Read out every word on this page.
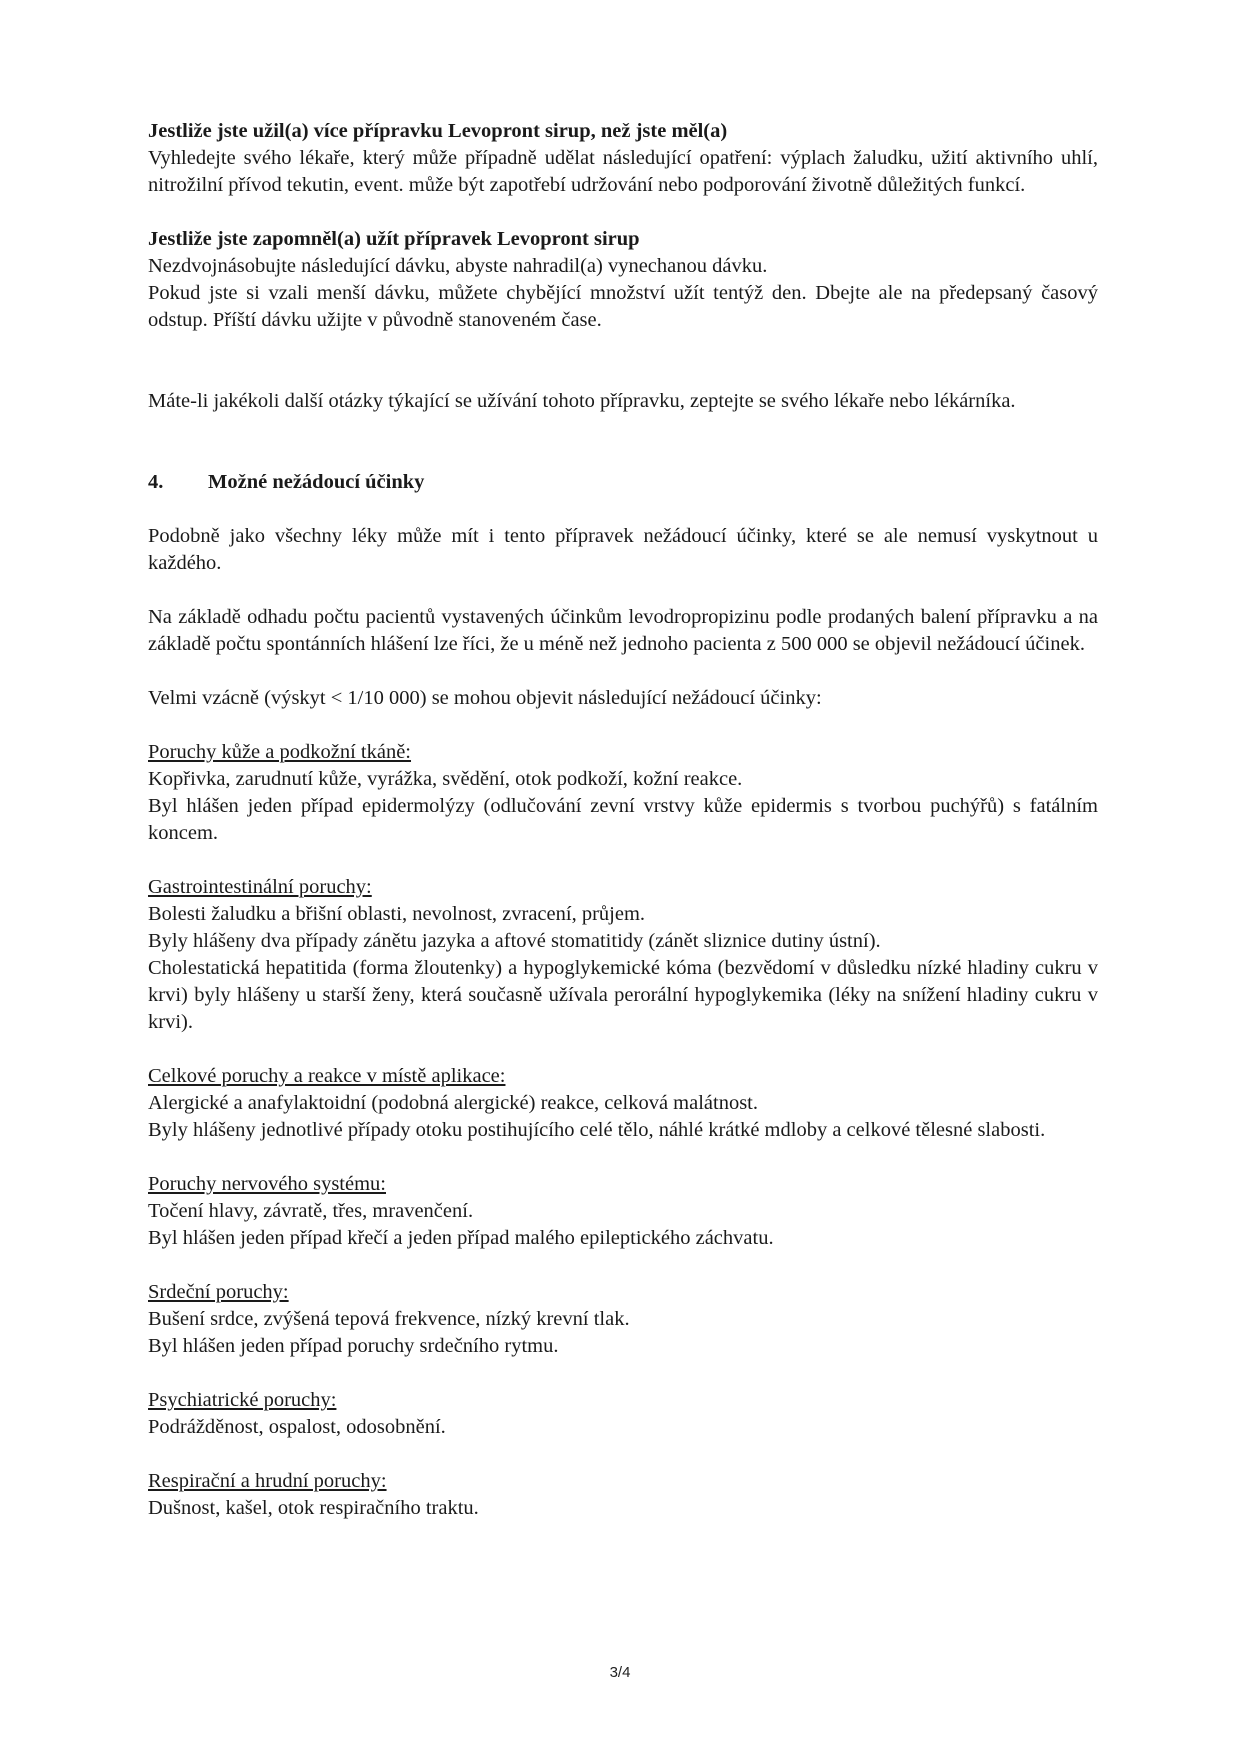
Jestliže jste užil(a) více přípravku Levopront sirup, než jste měl(a)

Vyhledejte svého lékaře, který může případně udělat následující opatření: výplach žaludku, užití aktivního uhlí, nitrožilní přívod tekutin, event. může být zapotřebí udržování nebo podporování životně důležitých funkcí.

Jestliže jste zapomněl(a) užít přípravek Levopront sirup

Nezdvojnásobujte následující dávku, abyste nahradil(a) vynechanou dávku.

Pokud jste si vzali menší dávku, můžete chybějící množství užít tentýž den. Dbejte ale na předepsaný časový odstup. Příští dávku užijte v původně stanoveném čase.

Máte-li jakékoli další otázky týkající se užívání tohoto přípravku, zeptejte se svého lékaře nebo lékárníka.

4.	Možné nežádoucí účinky

Podobně jako všechny léky může mít i tento přípravek nežádoucí účinky, které se ale nemusí vyskytnout u každého.

Na základě odhadu počtu pacientů vystavených účinkům levodropropizinu podle prodaných balení přípravku a na základě počtu spontánních hlášení lze říci, že u méně než jednoho pacienta z 500 000 se objevil nežádoucí účinek.

Velmi vzácně (výskyt < 1/10 000) se mohou objevit následující nežádoucí účinky:

Poruchy kůže a podkožní tkáně:

Kopřivka, zarudnutí kůže, vyrážka, svědění, otok podkoží, kožní reakce.

Byl hlášen jeden případ epidermolýzy (odlučování zevní vrstvy kůže epidermis s tvorbou puchýřů) s fatálním koncem.

Gastrointestinální poruchy:

Bolesti žaludku a břišní oblasti, nevolnost, zvracení, průjem.

Byly hlášeny dva případy zánětu jazyka a aftové stomatitidy (zánět sliznice dutiny ústní).

Cholestatická hepatitida (forma žloutenky) a hypoglykemické kóma (bezvědomí v důsledku nízké hladiny cukru v krvi) byly hlášeny u starší ženy, která současně užívala perorální hypoglykemika (léky na snížení hladiny cukru v krvi).

Celkové poruchy a reakce v místě aplikace:

Alergické a anafylaktoidní (podobná alergické) reakce, celková malátnost.

Byly hlášeny jednotlivé případy otoku postihujícího celé tělo, náhlé krátké mdloby a celkové tělesné slabosti.

Poruchy nervového systému:

Točení hlavy, závratě, třes, mravenčení.

Byl hlášen jeden případ křečí a jeden případ malého epileptického záchvatu.

Srdeční poruchy:

Bušení srdce, zvýšená tepová frekvence, nízký krevní tlak.

Byl hlášen jeden případ poruchy srdečního rytmu.

Psychiatrické poruchy:

Podrážděnost, ospalost, odosobnění.

Respirační a hrudní poruchy:

Dušnost, kašel, otok respiračního traktu.

3/4
